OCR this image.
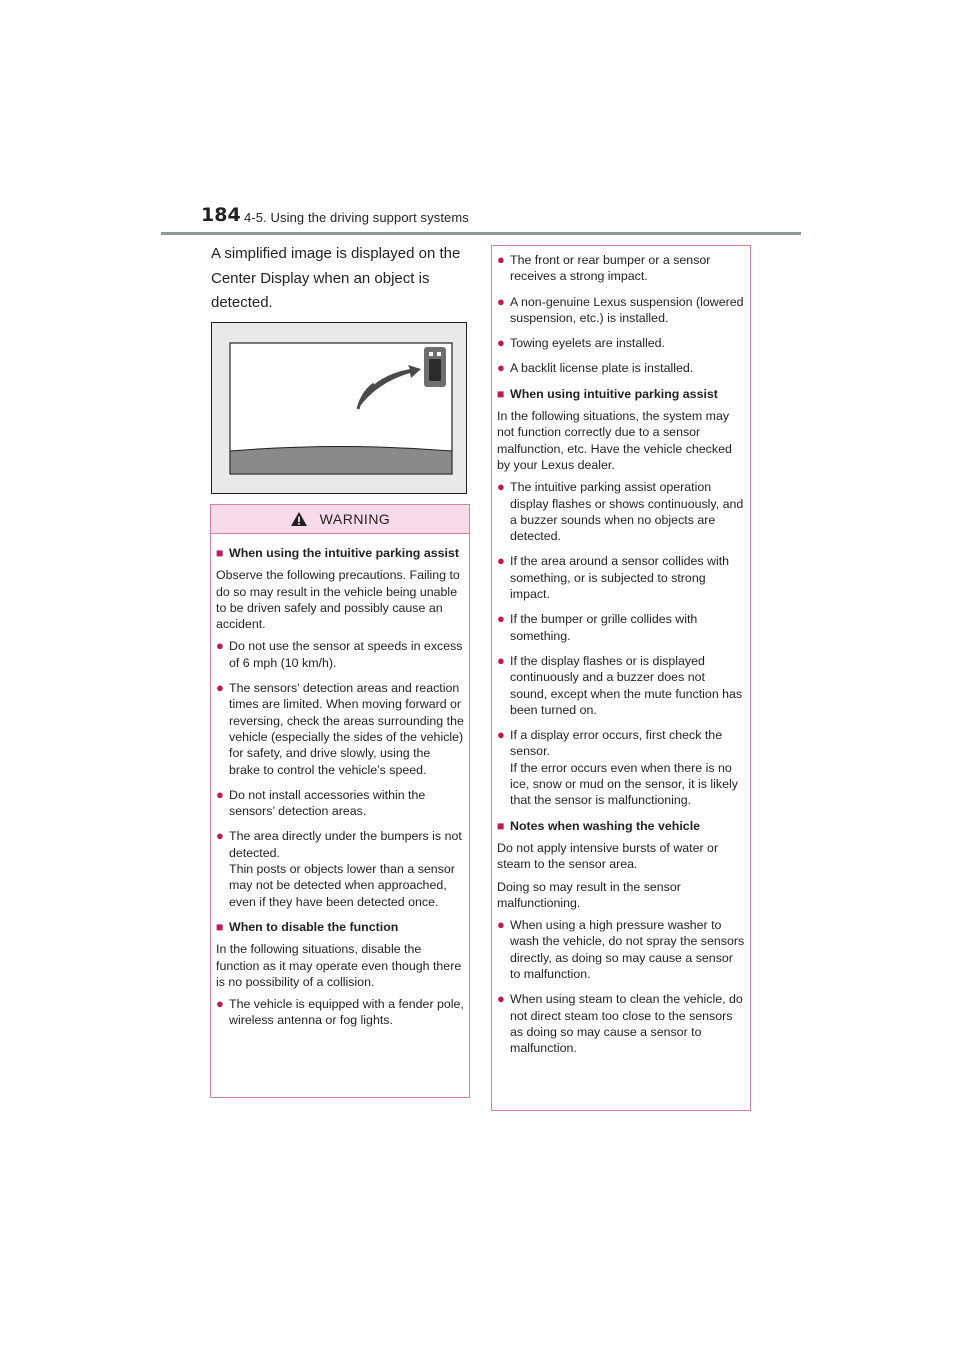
184 4-5. Using the driving support systems
A simplified image is displayed on the Center Display when an object is detected.
WARNING
■ When using the intuitive parking assist
Observe the following precautions. Failing to do so may result in the vehicle being unable to be driven safely and possibly cause an accident.
● Do not use the sensor at speeds in excess of 6 mph (10 km/h).
● The sensors’ detection areas and reaction times are limited. When moving forward or reversing, check the areas surrounding the vehicle (especially the sides of the vehicle) for safety, and drive slowly, using the brake to control the vehicle’s speed.
● Do not install accessories within the sensors’ detection areas.
● The area directly under the bumpers is not detected.
Thin posts or objects lower than a sensor may not be detected when approached, even if they have been detected once.
■ When to disable the function
In the following situations, disable the function as it may operate even though there is no possibility of a collision.
● The vehicle is equipped with a fender pole, wireless antenna or fog lights.
● The front or rear bumper or a sensor receives a strong impact.
● A non-genuine Lexus suspension (lowered suspension, etc.) is installed.
● Towing eyelets are installed.
● A backlit license plate is installed.
■ When using intuitive parking assist
In the following situations, the system may not function correctly due to a sensor malfunction, etc. Have the vehicle checked by your Lexus dealer.
● The intuitive parking assist operation display flashes or shows continuously, and a buzzer sounds when no objects are detected.
● If the area around a sensor collides with something, or is subjected to strong impact.
● If the bumper or grille collides with something.
● If the display flashes or is displayed continuously and a buzzer does not sound, except when the mute function has been turned on.
● If a display error occurs, first check the sensor.
If the error occurs even when there is no ice, snow or mud on the sensor, it is likely that the sensor is malfunctioning.
■ Notes when washing the vehicle
Do not apply intensive bursts of water or steam to the sensor area.
Doing so may result in the sensor malfunctioning.
● When using a high pressure washer to wash the vehicle, do not spray the sensors directly, as doing so may cause a sensor to malfunction.
● When using steam to clean the vehicle, do not direct steam too close to the sensors as doing so may cause a sensor to malfunction.
